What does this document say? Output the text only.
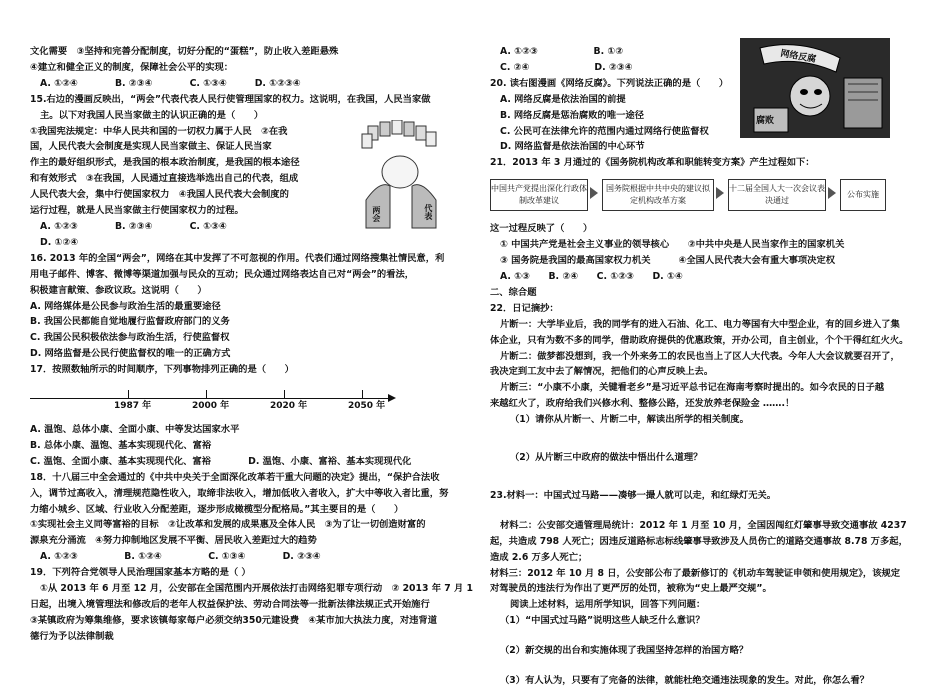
文化需要　③坚持和完善分配制度，切好分配的“蛋糕”，防止收入差距悬殊
④建立和健全正义的制度，保障社会公平的实现：
A. ①②④　　　　B. ②③④　　　　C. ①③④　　　D. ①②③④
15.右边的漫画反映出，“两会”代表代表人民行使管理国家的权力。这说明，在我国，人民当家做
主。以下对我国人民当家做主的认识正确的是（　　）
①我国宪法规定：中华人民共和国的一切权力属于人民　②在我
国，人民代表大会制度是实现人民当家做主、保证人民当家
作主的最好组织形式，是我国的根本政治制度，是我国的根本途径
和有效形式　③在我国，人民通过直接选举选出自己的代表，组成
人民代表大会，集中行使国家权力　④我国人民代表大会制度的
运行过程，就是人民当家做主行使国家权力的过程。
A. ①②③　　　　B. ②③④　　　　C. ①③④
D. ①②④
16. 2013 年的全国“两会”，网络在其中发挥了不可忽视的作用。代表们通过网络搜集社情民意，利
用电子邮件、博客、微博等渠道加强与民众的互动；民众通过网络表达自己对“两会”的看法，
积极建言献策、参政议政。这说明（　　）
A. 网络媒体是公民参与政治生活的最重要途径
B. 我国公民都能自觉地履行监督政府部门的义务
C. 我国公民积极依法参与政治生活，行使监督权
D. 网络监督是公民行使监督权的唯一的正确方式
17．按照数轴所示的时间顺序，下列事物排列正确的是（　　）
1987 年	2000 年	2020 年	2050 年
A. 温饱、总体小康、全面小康、中等发达国家水平
B. 总体小康、温饱、基本实现现代化、富裕
C. 温饱、全面小康、基本实现现代化、富裕　　　　D. 温饱、小康、富裕、基本实现现代化
18．十八届三中全会通过的《中共中央关于全面深化改革若干重大问题的决定》提出，“保护合法收
入，调节过高收入，清理规范隐性收入，取缔非法收入，增加低收入者收入，扩大中等收入者比重，努
力缩小城乡、区域、行业收入分配差距，逐步形成橄榄型分配格局。”其主要目的是（　　）
①实现社会主义同等富裕的目标　②让改革和发展的成果惠及全体人民　③为了让一切创造财富的
源泉充分涌流　④努力抑制地区发展不平衡、居民收入差距过大的趋势
A. ①②③　　　　　B. ①②④　　　　　C. ①③④　　　　D. ②③④
19．下列符合党领导人民治理国家基本方略的是（ ）
①从 2013 年 6 月至 12 月，公安部在全国范围内开展依法打击网络犯罪专项行动　② 2013 年 7 月 1
日起，出境入境管理法和修改后的老年人权益保护法、劳动合同法等一批新法律法规正式开始施行
③某镇政府为筹集维修，要求该镇每家每户必须交纳350元建设费　④某市加大执法力度，对违背道
德行为予以法律制裁
两会	代表
A. ①②③　　　　　　B. ①②
C. ②④　　　　　　　D. ②③④
20. 读右图漫画《网络反腐》。下列说法正确的是（　　）
A. 网络反腐是依法治国的前提
B. 网络反腐是惩治腐败的唯一途径
C. 公民可在法律允许的范围内通过网络行使监督权
D. 网络监督是依法治国的中心环节
21．2013 年 3 月通过的《国务院机构改革和职能转变方案》产生过程如下：
中国共产党提出深化行政体制改革建议
国务院根据中共中央的建议拟定机构改革方案
十二届全国人大一次会议表决通过
公布实施
这一过程反映了（　　）
① 中国共产党是社会主义事业的领导核心　　②中共中央是人民当家作主的国家机关
③ 国务院是我国的最高国家权力机关　　　④全国人民代表大会有重大事项决定权
A. ①③　　B. ②④　　C. ①②③　　D. ①④
二、综合题
22．日记摘抄：
片断一：大学毕业后，我的同学有的进入石油、化工、电力等国有大中型企业，有的回乡进入了集
体企业，只有为数不多的同学，借助政府提供的优惠政策，开办公司，自主创业，个个干得红红火火。
片断二：做梦都没想到，我一个外来务工的农民也当上了区人大代表。今年人大会议就要召开了，
我决定到工友中去了解情况，把他们的心声反映上去。
片断三：“小康不小康，关键看老乡”是习近平总书记在海南考察时提出的。如今农民的日子越
来越红火了，政府给我们兴修水利、整修公路，还发放养老保险金 …….！
（1）请你从片断一、片断二中，解读出所学的相关制度。
（2）从片断三中政府的做法中悟出什么道理？
23.材料一：中国式过马路——凑够一撮人就可以走，和红绿灯无关。
材料二：公安部交通管理局统计：2012 年 1 月至 10 月，全国因闯红灯肇事导致交通事故 4237
起，共造成 798 人死亡；因违反道路标志标线肇事导致涉及人员伤亡的道路交通事故 8.78 万多起，
造成 2.6 万多人死亡；
材料三：2012 年 10 月 8 日，公安部公布了最新修订的《机动车驾驶证申领和使用规定》，该规定
对驾驶员的违法行为作出了更严厉的处罚，被称为“史上最严交规”。
阅读上述材料，运用所学知识，回答下列问题：
（1）“中国式过马路”说明这些人缺乏什么意识？
（2）新交规的出台和实施体现了我国坚持怎样的治国方略？
（3）有人认为，只要有了完备的法律，就能杜绝交通违法现象的发生。对此，你怎么看？
网络反腐
腐败
